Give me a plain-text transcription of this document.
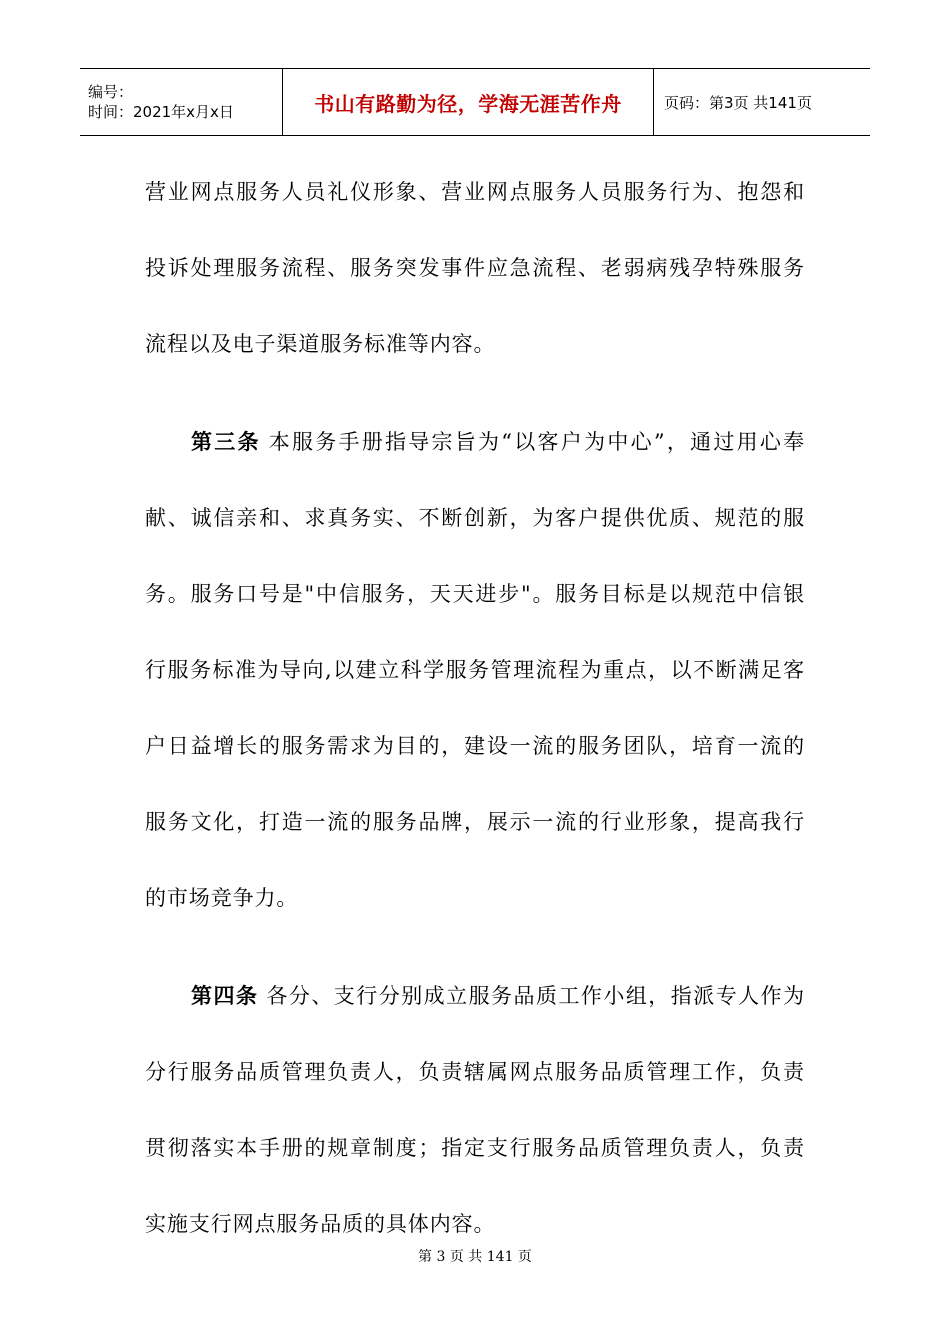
编号：
时间：2021年x月x日	书山有路勤为径，学海无涯苦作舟	页码：第3页 共141页
营业网点服务人员礼仪形象、营业网点服务人员服务行为、抱怨和
投诉处理服务流程、服务突发事件应急流程、老弱病残孕特殊服务
流程以及电子渠道服务标准等内容。
第三条 本服务手册指导宗旨为“以客户为中心”，通过用心奉
献、诚信亲和、求真务实、不断创新，为客户提供优质、规范的服
务。服务口号是"中信服务，天天进步"。服务目标是以规范中信银
行服务标准为导向,以建立科学服务管理流程为重点，以不断满足客
户日益增长的服务需求为目的，建设一流的服务团队，培育一流的
服务文化，打造一流的服务品牌，展示一流的行业形象，提高我行
的市场竞争力。
第四条 各分、支行分别成立服务品质工作小组，指派专人作为
分行服务品质管理负责人，负责辖属网点服务品质管理工作，负责
贯彻落实本手册的规章制度；指定支行服务品质管理负责人，负责
实施支行网点服务品质的具体内容。
第 3 页 共 141 页
